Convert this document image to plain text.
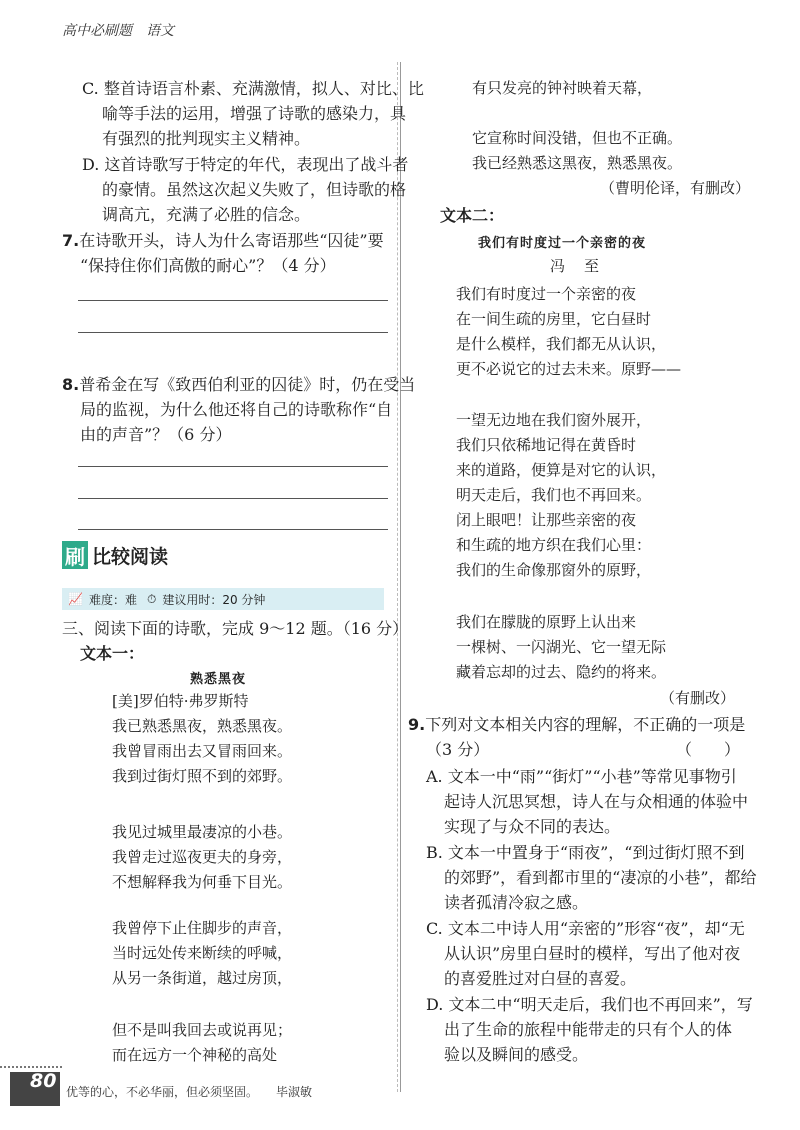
高中必刷题　语文
C. 整首诗语言朴素、充满激情，拟人、对比、比
喻等手法的运用，增强了诗歌的感染力，具
有强烈的批判现实主义精神。
D. 这首诗歌写于特定的年代，表现出了战斗者
的豪情。虽然这次起义失败了，但诗歌的格
调高亢，充满了必胜的信念。
7.在诗歌开头，诗人为什么寄语那些“囚徒”要
“保持住你们高傲的耐心”？（4 分）
8.普希金在写《致西伯利亚的囚徒》时，仍在受当
局的监视，为什么他还将自己的诗歌称作“自
由的声音”？（6 分）
刷 比较阅读
📈 难度：难 ⏱ 建议用时：20 分钟
三、阅读下面的诗歌，完成 9～12 题。（16 分）
文本一：
熟悉黑夜
[美]罗伯特·弗罗斯特
我已熟悉黑夜，熟悉黑夜。
我曾冒雨出去又冒雨回来。
我到过街灯照不到的郊野。
我见过城里最凄凉的小巷。
我曾走过巡夜更夫的身旁，
不想解释我为何垂下目光。
我曾停下止住脚步的声音，
当时远处传来断续的呼喊，
从另一条街道，越过房顶，
但不是叫我回去或说再见；
而在远方一个神秘的高处
有只发亮的钟衬映着天幕，
它宣称时间没错，但也不正确。
我已经熟悉这黑夜，熟悉黑夜。
（曹明伦译，有删改）
文本二：
我们有时度过一个亲密的夜
冯　至
我们有时度过一个亲密的夜
在一间生疏的房里，它白昼时
是什么模样，我们都无从认识，
更不必说它的过去未来。原野——
一望无边地在我们窗外展开，
我们只依稀地记得在黄昏时
来的道路，便算是对它的认识，
明天走后，我们也不再回来。
闭上眼吧！让那些亲密的夜
和生疏的地方织在我们心里：
我们的生命像那窗外的原野，
我们在朦胧的原野上认出来
一棵树、一闪湖光、它一望无际
藏着忘却的过去、隐约的将来。
（有删改）
9.下列对文本相关内容的理解，不正确的一项是
（3 分）	（　　）
A. 文本一中“雨”“街灯”“小巷”等常见事物引
起诗人沉思冥想，诗人在与众相通的体验中
实现了与众不同的表达。
B. 文本一中置身于“雨夜”，“到过街灯照不到
的郊野”，看到都市里的“凄凉的小巷”，都给
读者孤清冷寂之感。
C. 文本二中诗人用“亲密的”形容“夜”，却“无
从认识”房里白昼时的模样，写出了他对夜
的喜爱胜过对白昼的喜爱。
D. 文本二中“明天走后，我们也不再回来”，写
出了生命的旅程中能带走的只有个人的体
验以及瞬间的感受。
80 优等的心，不必华丽，但必须坚固。　　毕淑敏
